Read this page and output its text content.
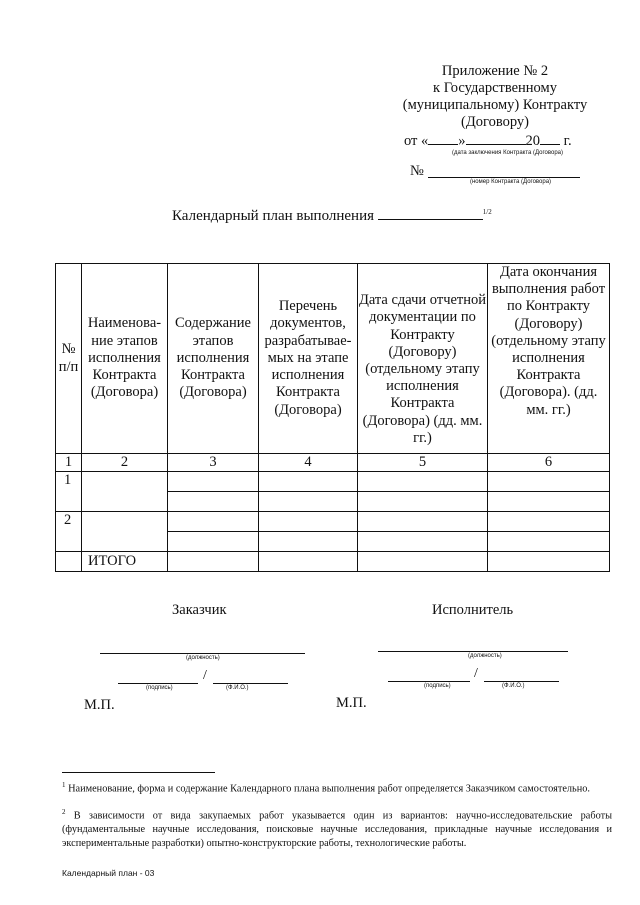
Приложение № 2
к Государственному
(муниципальному) Контракту
(Договору)
от « »	20 г.
(дата заключения Контракта (Договора)
№
(номер Контракта (Договора)
Календарный план выполнения	$^{1/2}$
№ п/п	Наименова-ние этапов исполнения Контракта (Договора)	Содержание этапов исполнения Контракта (Договора)	Перечень документов, разрабатывае-мых на этапе исполнения Контракта (Договора)	Дата сдачи отчетной документации по Контракту (Договору) (отдельному этапу исполнения Контракта (Договора) (дд. мм. гг.)	Дата окончания выполнения работ по Контракту (Договору) (отдельному этапу исполнения Контракта (Договора). (дд. мм. гг.)
1	2	3	4	5	6
1					

2					

	ИТОГО				
Заказчик	Исполнитель
(должность)
/
(подпись)	(Ф.И.О.)
М.П.
(должность)
/
(подпись)	(Ф.И.О.)
М.П.
$^1$ Наименование, форма и содержание Календарного плана выполнения работ определяется Заказчиком самостоятельно.
$^2$ В зависимости от вида закупаемых работ указывается один из вариантов: научно-исследовательские работы (фундаментальные научные исследования, поисковые научные исследования, прикладные научные исследования и экспериментальные разработки) опытно-конструкторские работы, технологические работы.
Календарный план - 03
